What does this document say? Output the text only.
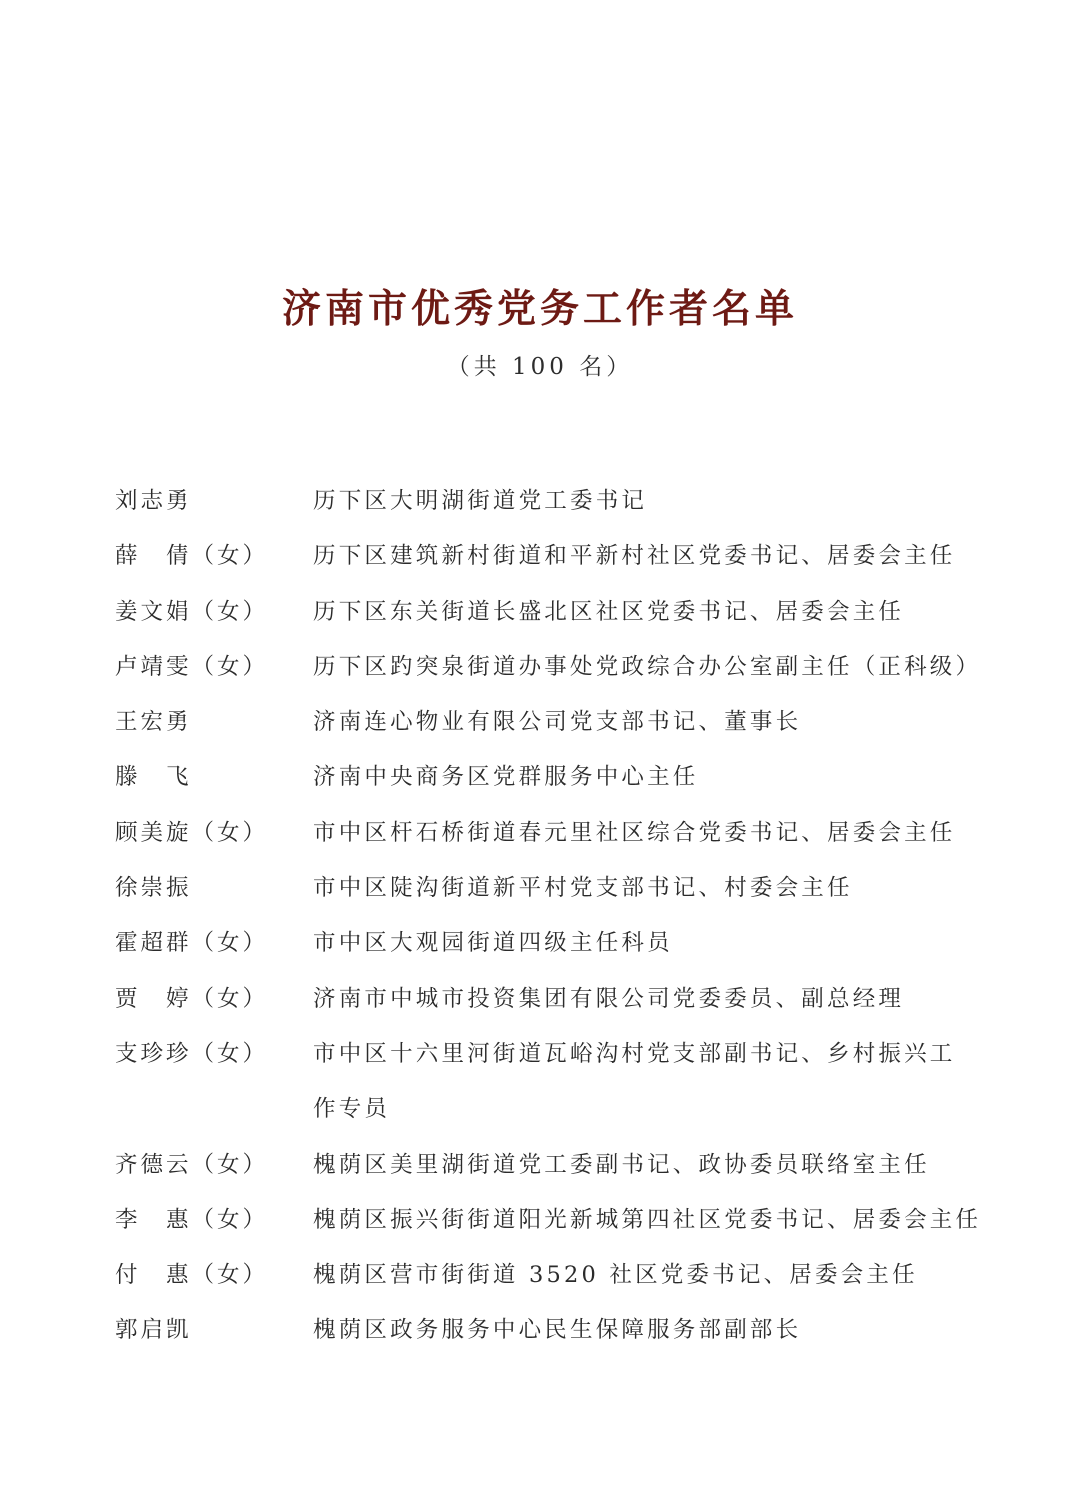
济南市优秀党务工作者名单
（共 100 名）
刘志勇	历下区大明湖街道党工委书记
薛　倩（女）	历下区建筑新村街道和平新村社区党委书记、居委会主任
姜文娟（女）	历下区东关街道长盛北区社区党委书记、居委会主任
卢靖雯（女）	历下区趵突泉街道办事处党政综合办公室副主任（正科级）
王宏勇	济南连心物业有限公司党支部书记、董事长
滕　飞	济南中央商务区党群服务中心主任
顾美旋（女）	市中区杆石桥街道春元里社区综合党委书记、居委会主任
徐崇振	市中区陡沟街道新平村党支部书记、村委会主任
霍超群（女）	市中区大观园街道四级主任科员
贾　婷（女）	济南市中城市投资集团有限公司党委委员、副总经理
支珍珍（女）	市中区十六里河街道瓦峪沟村党支部副书记、乡村振兴工
作专员
齐德云（女）	槐荫区美里湖街道党工委副书记、政协委员联络室主任
李　惠（女）	槐荫区振兴街街道阳光新城第四社区党委书记、居委会主任
付　惠（女）	槐荫区营市街街道 3520 社区党委书记、居委会主任
郭启凯	槐荫区政务服务中心民生保障服务部副部长
